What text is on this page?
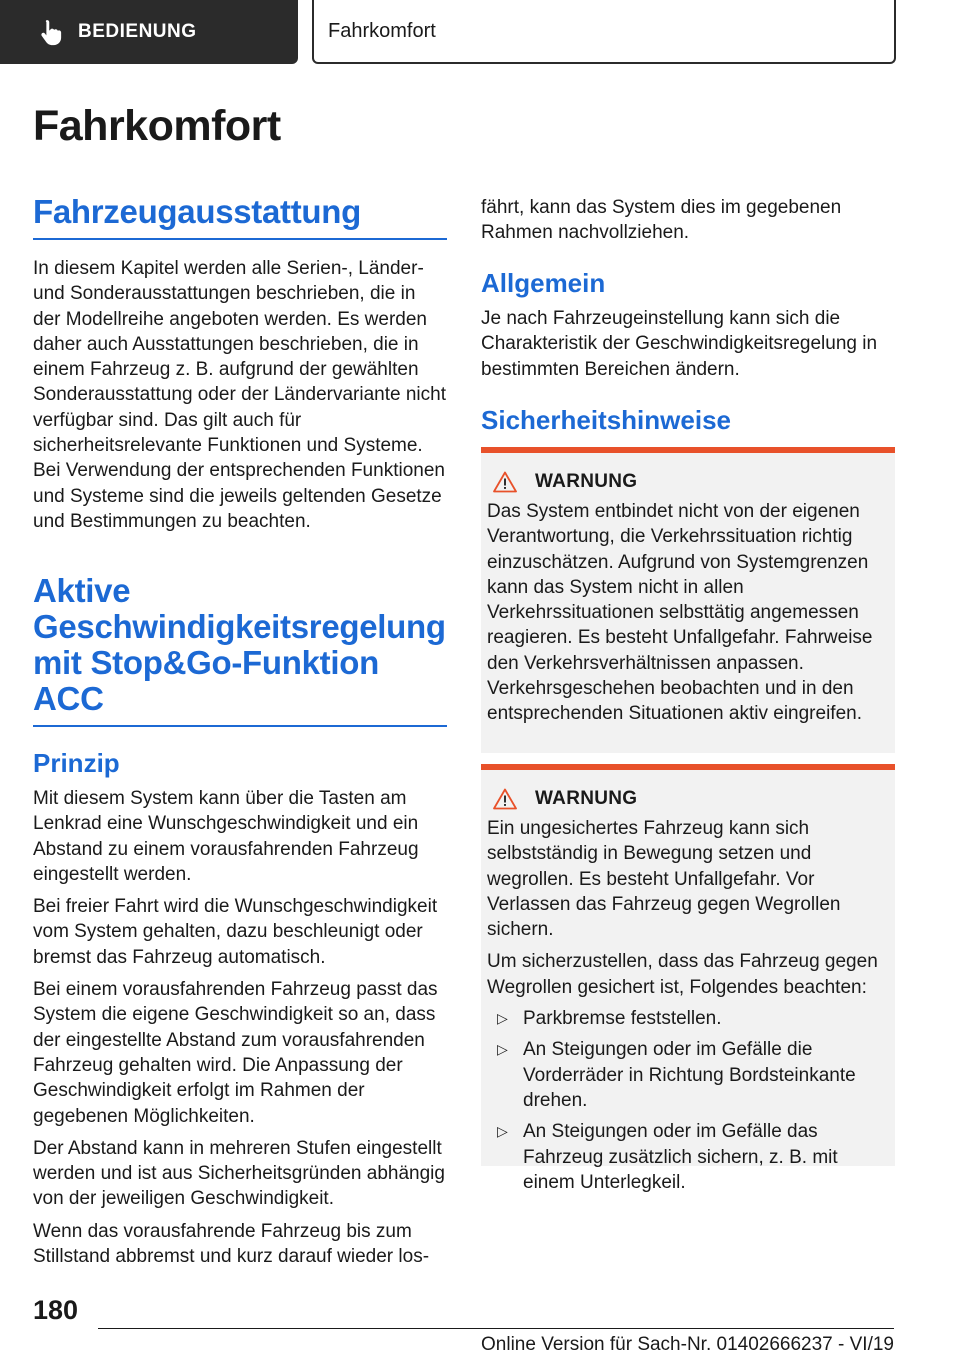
BEDIENUNG	Fahrkomfort
Fahrkomfort
Fahrzeugausstattung

In diesem Kapitel werden alle Serien-, Länder- und Sonderausstattungen beschrieben, die in der Modellreihe angeboten werden. Es werden daher auch Ausstattungen beschrieben, die in einem Fahrzeug z. B. aufgrund der gewählten Sonderausstattung oder der Ländervariante nicht verfügbar sind. Das gilt auch für sicherheitsrelevante Funktionen und Systeme. Bei Verwendung der entsprechenden Funktionen und Systeme sind die jeweils geltenden Gesetze und Bestimmungen zu beachten.

Aktive Geschwindigkeitsregelung mit Stop&Go-Funktion ACC
Prinzip

Mit diesem System kann über die Tasten am Lenkrad eine Wunschgeschwindigkeit und ein Abstand zu einem vorausfahrenden Fahrzeug eingestellt werden.

Bei freier Fahrt wird die Wunschgeschwindigkeit vom System gehalten, dazu beschleunigt oder bremst das Fahrzeug automatisch.

Bei einem vorausfahrenden Fahrzeug passt das System die eigene Geschwindigkeit so an, dass der eingestellte Abstand zum vorausfahrenden Fahrzeug gehalten wird. Die Anpassung der Geschwindigkeit erfolgt im Rahmen der gegebenen Möglichkeiten.

Der Abstand kann in mehreren Stufen eingestellt werden und ist aus Sicherheitsgründen abhängig von der jeweiligen Geschwindigkeit.

Wenn das vorausfahrende Fahrzeug bis zum Stillstand abbremst und kurz darauf wieder los-

fährt, kann das System dies im gegebenen Rahmen nachvollziehen.

Allgemein

Je nach Fahrzeugeinstellung kann sich die Charakteristik der Geschwindigkeitsregelung in bestimmten Bereichen ändern.

Sicherheitshinweise
WARNUNG

Das System entbindet nicht von der eigenen Verantwortung, die Verkehrssituation richtig einzuschätzen. Aufgrund von Systemgrenzen kann das System nicht in allen Verkehrssituationen selbsttätig angemessen reagieren. Es besteht Unfallgefahr. Fahrweise den Verkehrsverhältnissen anpassen. Verkehrsgeschehen beobachten und in den entsprechenden Situationen aktiv eingreifen.

WARNUNG

Ein ungesichertes Fahrzeug kann sich selbstständig in Bewegung setzen und wegrollen. Es besteht Unfallgefahr. Vor Verlassen das Fahrzeug gegen Wegrollen sichern.

Um sicherzustellen, dass das Fahrzeug gegen Wegrollen gesichert ist, Folgendes beachten:

▷ Parkbremse feststellen.
▷ An Steigungen oder im Gefälle die Vorderräder in Richtung Bordsteinkante drehen.
▷ An Steigungen oder im Gefälle das Fahrzeug zusätzlich sichern, z. B. mit einem Unterlegkeil.

180

Online Version für Sach-Nr. 01402666237 - VI/19
